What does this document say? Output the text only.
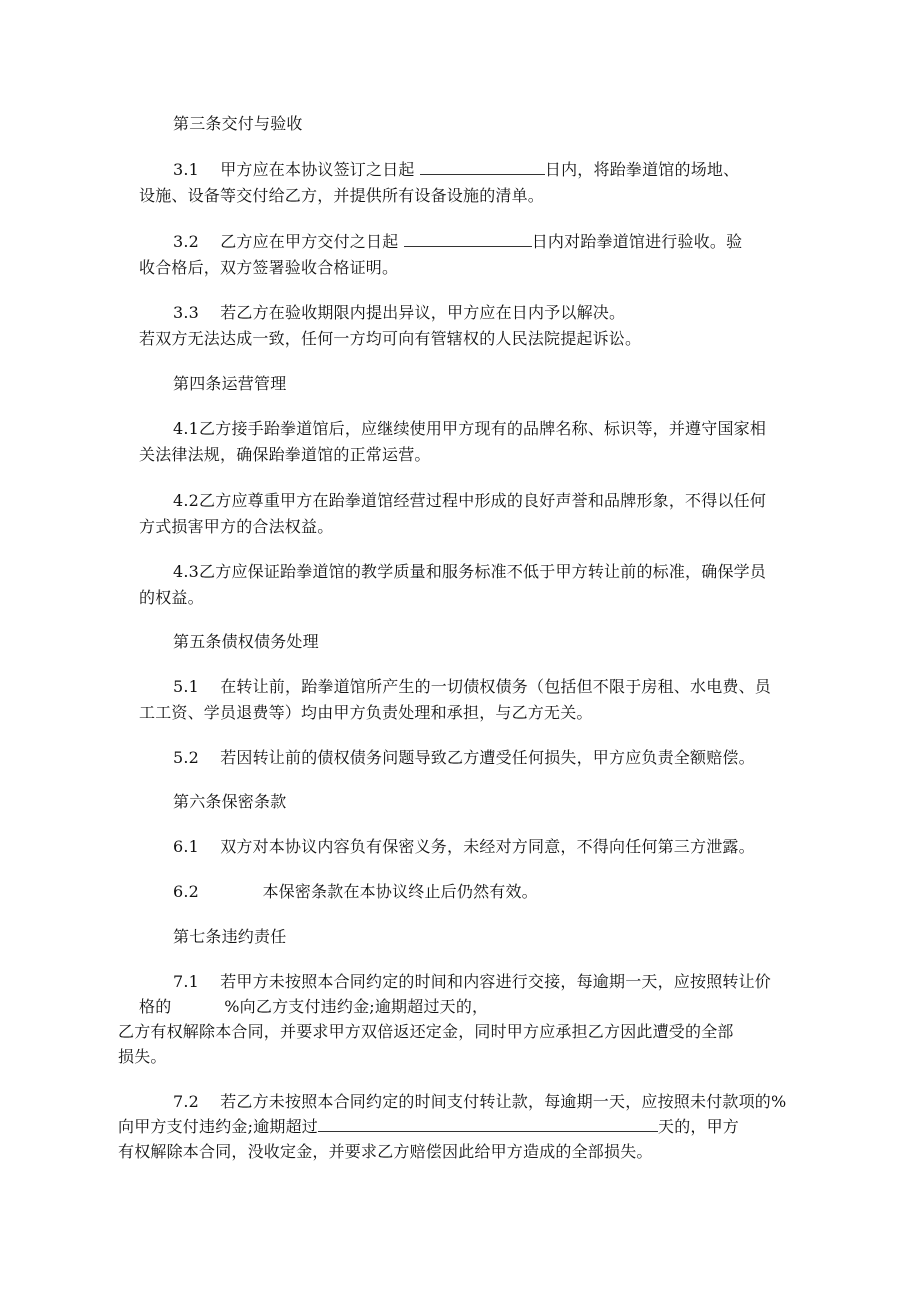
第三条交付与验收
3.1 甲方应在本协议签订之日起	日内，将跆拳道馆的场地、
设施、设备等交付给乙方，并提供所有设备设施的清单。
3.2 乙方应在甲方交付之日起	日内对跆拳道馆进行验收。验
收合格后，双方签署验收合格证明。
3.3 若乙方在验收期限内提出异议，甲方应在日内予以解决。
若双方无法达成一致，任何一方均可向有管辖权的人民法院提起诉讼。
第四条运营管理
4.1乙方接手跆拳道馆后，应继续使用甲方现有的品牌名称、标识等，并遵守国家相
关法律法规，确保跆拳道馆的正常运营。
4.2乙方应尊重甲方在跆拳道馆经营过程中形成的良好声誉和品牌形象，不得以任何
方式损害甲方的合法权益。
4.3乙方应保证跆拳道馆的教学质量和服务标准不低于甲方转让前的标准，确保学员
的权益。
第五条债权债务处理
5.1 在转让前，跆拳道馆所产生的一切债权债务（包括但不限于房租、水电费、员
工工资、学员退费等）均由甲方负责处理和承担，与乙方无关。
5.2 若因转让前的债权债务问题导致乙方遭受任何损失，甲方应负责全额赔偿。
第六条保密条款
6.1 双方对本协议内容负有保密义务，未经对方同意，不得向任何第三方泄露。
6.2	本保密条款在本协议终止后仍然有效。
第七条违约责任
7.1 若甲方未按照本合同约定的时间和内容进行交接，每逾期一天，应按照转让价
格的	%向乙方支付违约金;逾期超过天的，
乙方有权解除本合同，并要求甲方双倍返还定金，同时甲方应承担乙方因此遭受的全部
损失。
7.2 若乙方未按照本合同约定的时间支付转让款，每逾期一天，应按照未付款项的%
向甲方支付违约金;逾期超过	天的，甲方
有权解除本合同，没收定金，并要求乙方赔偿因此给甲方造成的全部损失。
